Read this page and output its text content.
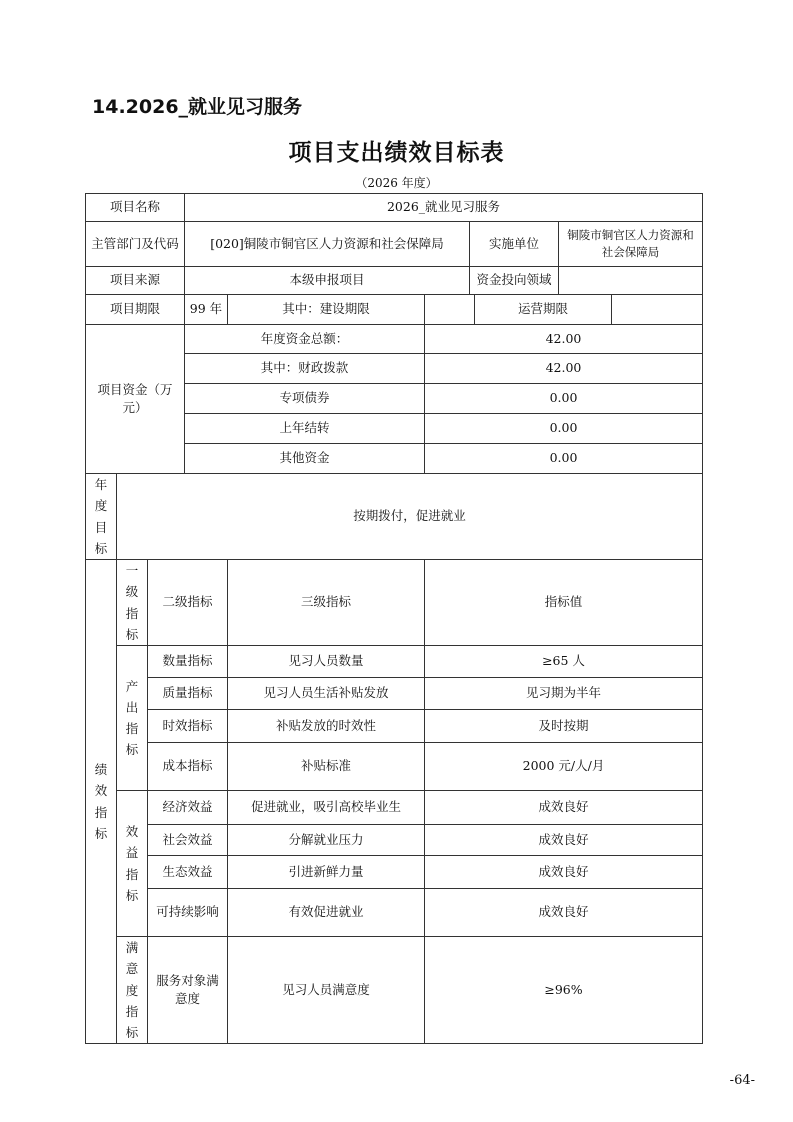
14.2026_就业见习服务
项目支出绩效目标表
（2026 年度）
项目名称			2026_就业见习服务						
主管部门及代码			[020]铜陵市铜官区人力资源和社会保障局			实施单位		铜陵市铜官区人力资源和社会保障局	
项目来源			本级申报项目			资金投向领域			
项目期限			99 年	其中：建设期限			运营期限		
项目资金（万元）			年度资金总额：		42.00				
			其中：财政拨款		42.00				
			专项债券		0.00				
			上年结转		0.00				
			其他资金		0.00				
年度目标	按期拨付，促进就业								
绩效指标	一级指标	二级指标		三级指标	指标值				
	产出指标	数量指标		见习人员数量	≥65 人				
		质量指标		见习人员生活补贴发放	见习期为半年				
		时效指标		补贴发放的时效性	及时按期				
		成本指标		补贴标准	2000 元/人/月				
	效益指标	经济效益		促进就业，吸引高校毕业生	成效良好				
		社会效益		分解就业压力	成效良好				
		生态效益		引进新鲜力量	成效良好				
		可持续影响		有效促进就业	成效良好				
	满意度指标	服务对象满意度		见习人员满意度	≥96%				
-64-
